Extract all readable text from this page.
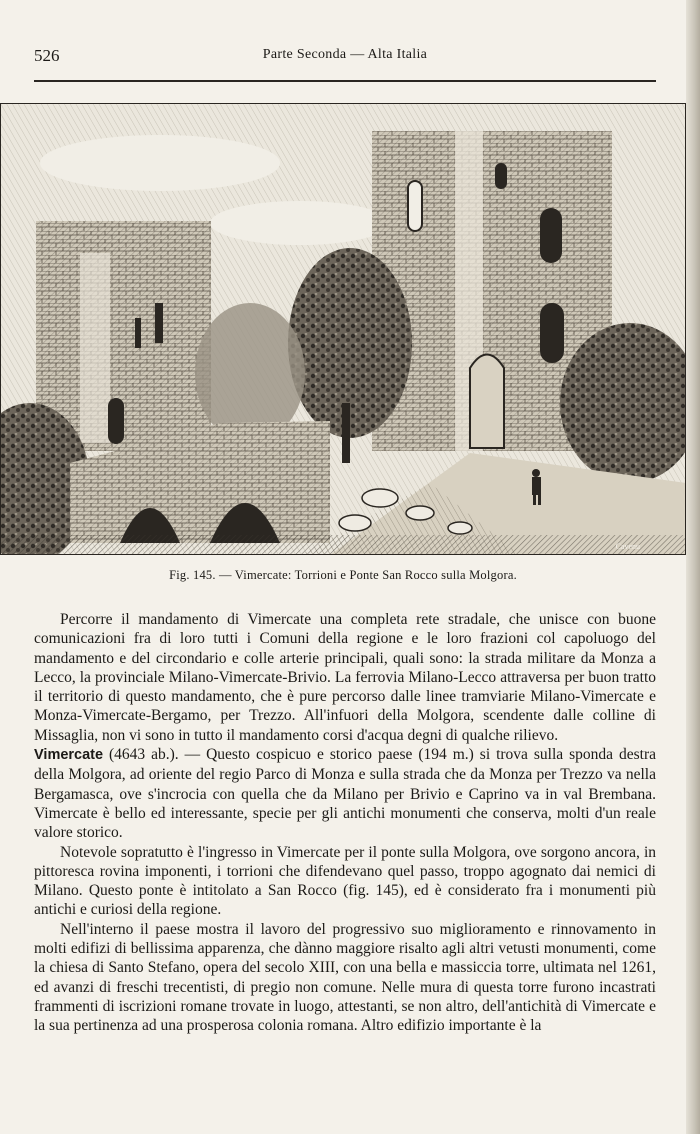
526	Parte Seconda — Alta Italia
Cavenu
Fig. 145. — Vimercate: Torrioni e Ponte San Rocco sulla Molgora.

Percorre il mandamento di Vimercate una completa rete stradale, che unisce con buone comunicazioni fra di loro tutti i Comuni della regione e le loro frazioni col capoluogo del mandamento e del circondario e colle arterie principali, quali sono: la strada militare da Monza a Lecco, la provinciale Milano-Vimercate-Brivio. La ferrovia Milano-Lecco attraversa per buon tratto il territorio di questo mandamento, che è pure percorso dalle linee tramviarie Milano-Vimercate e Monza-Vimercate-Bergamo, per Trezzo. All'infuori della Molgora, scendente dalle colline di Missaglia, non vi sono in tutto il mandamento corsi d'acqua degni di qualche rilievo.

Vimercate (4643 ab.). — Questo cospicuo e storico paese (194 m.) si trova sulla sponda destra della Molgora, ad oriente del regio Parco di Monza e sulla strada che da Monza per Trezzo va nella Bergamasca, ove s'incrocia con quella che da Milano per Brivio e Caprino va in val Brembana. Vimercate è bello ed interessante, specie per gli antichi monumenti che conserva, molti d'un reale valore storico.

Notevole sopratutto è l'ingresso in Vimercate per il ponte sulla Molgora, ove sorgono ancora, in pittoresca rovina imponenti, i torrioni che difendevano quel passo, troppo agognato dai nemici di Milano. Questo ponte è intitolato a San Rocco (fig. 145), ed è considerato fra i monumenti più antichi e curiosi della regione.

Nell'interno il paese mostra il lavoro del progressivo suo miglioramento e rinnovamento in molti edifizi di bellissima apparenza, che dànno maggiore risalto agli altri vetusti monumenti, come la chiesa di Santo Stefano, opera del secolo XIII, con una bella e massiccia torre, ultimata nel 1261, ed avanzi di freschi trecentisti, di pregio non comune. Nelle mura di questa torre furono incastrati frammenti di iscrizioni romane trovate in luogo, attestanti, se non altro, dell'antichità di Vimercate e la sua pertinenza ad una prosperosa colonia romana. Altro edifizio importante è la
